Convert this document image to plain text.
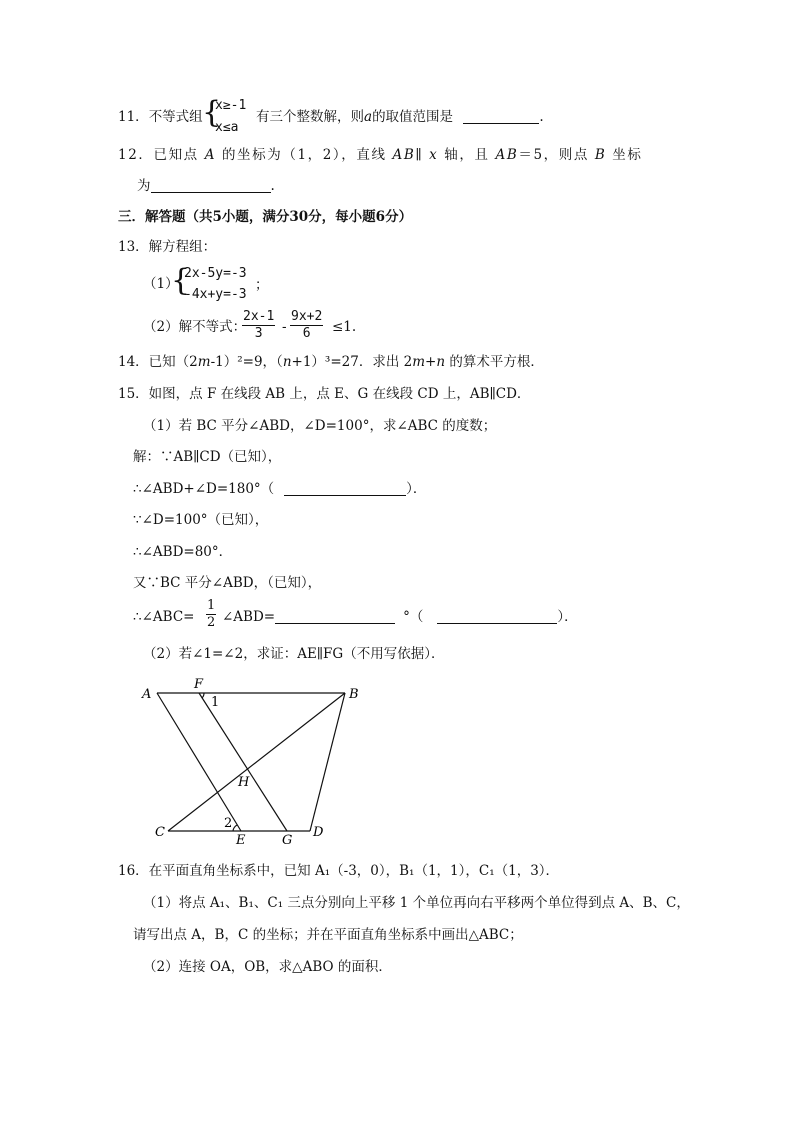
11．不等式组 {
x≥-1
x≤a
有三个整数解，则a的取值范围是	.
12．已知点 A 的坐标为（1，2），直线 AB∥ x 轴，且 AB＝5，则点 B 坐标
为	.
三．解答题（共5小题，满分30分，每小题6分）
13．解方程组：
（1）
{
2x-5y=-3
-4x+y=-3
；
（2）解不等式：
$\frac{2x-1}{3} - \frac{9x+2}{6} \le 1$.
14．已知（2m-1）²=9，（n+1）³=27．求出 2m+n 的算术平方根．
15．如图，点 F 在线段 AB 上，点 E、G 在线段 CD 上，AB∥CD．
（1）若 BC 平分∠ABD，∠D=100°，求∠ABC 的度数；
解：∵AB∥CD（已知），
∴∠ABD+∠D=180°（	）．
∵∠D=100°（已知），
∴∠ABD=80°．
又∵BC 平分∠ABD，（已知），
∴∠ABC= $\frac{1}{2}$ ∠ABD=	°（	）．
（2）若∠1=∠2，求证：AE∥FG（不用写依据）．
A
F
1
B
H
C
2
E	G
D
16．在平面直角坐标系中，已知 A₁（-3，0），B₁（1，1），C₁（1，3）．
（1）将点 A₁、B₁、C₁ 三点分别向上平移 1 个单位再向右平移两个单位得到点 A、B、C，
请写出点 A，B，C 的坐标；并在平面直角坐标系中画出△ABC；
（2）连接 OA，OB，求△ABO 的面积．
